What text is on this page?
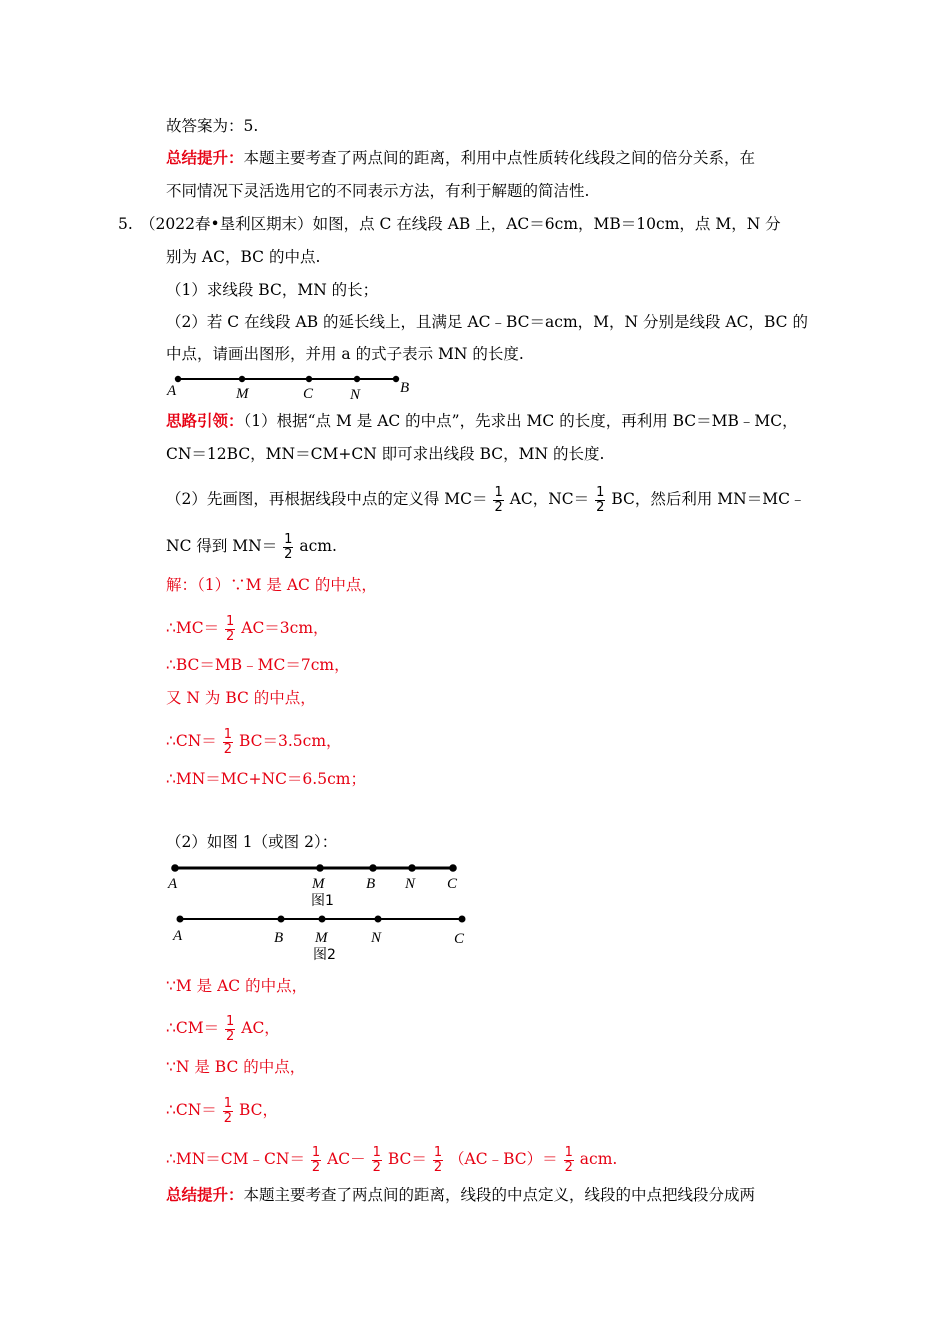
故答案为：5.
总结提升：本题主要考查了两点间的距离，利用中点性质转化线段之间的倍分关系，在
不同情况下灵活选用它的不同表示方法，有利于解题的简洁性.
5. （2022春•垦利区期末）如图，点 C 在线段 AB 上，AC＝6cm，MB＝10cm，点 M，N 分
别为 AC，BC 的中点.
（1）求线段 BC，MN 的长；
（2）若 C 在线段 AB 的延长线上，且满足 AC﹣BC＝acm，M，N 分别是线段 AC，BC 的
中点，请画出图形，并用 a 的式子表示 MN 的长度.
A	M	C N	B
思路引领：（1）根据“点 M 是 AC 的中点”，先求出 MC 的长度，再利用 BC＝MB﹣MC，
CN＝12BC，MN＝CM+CN 即可求出线段 BC，MN 的长度.
（2）先画图，再根据线段中点的定义得 $MC= \frac{1}{2}$ AC，$NC= \frac{1}{2}$ BC，然后利用 MN＝MC﹣
NC 得到 $MN= \frac{1}{2}$ acm.
解：（1）∵M 是 AC 的中点，
∴MC＝ $\frac{1}{2} AC=3cm$，
∴BC＝MB﹣MC＝7cm，
又 N 为 BC 的中点，
∴CN＝ $\frac{1}{2} BC=3.5cm$，
∴MN＝MC+NC＝6.5cm；
（2）如图 1（或图 2）：
A	M	B N C
图1
A	B M	N	C
图2
∵M 是 AC 的中点，
∴CM＝ $\frac{1}{2}$ AC，
∵N 是 BC 的中点，
∴CN＝ $\frac{1}{2}$ BC，
∴MN＝CM﹣CN＝ $\frac{1}{2} AC- \frac{1}{2} BC= \frac{1}{2}$ （AC﹣BC）＝ $\frac{1}{2}$ acm.
总结提升：本题主要考查了两点间的距离，线段的中点定义，线段的中点把线段分成两
